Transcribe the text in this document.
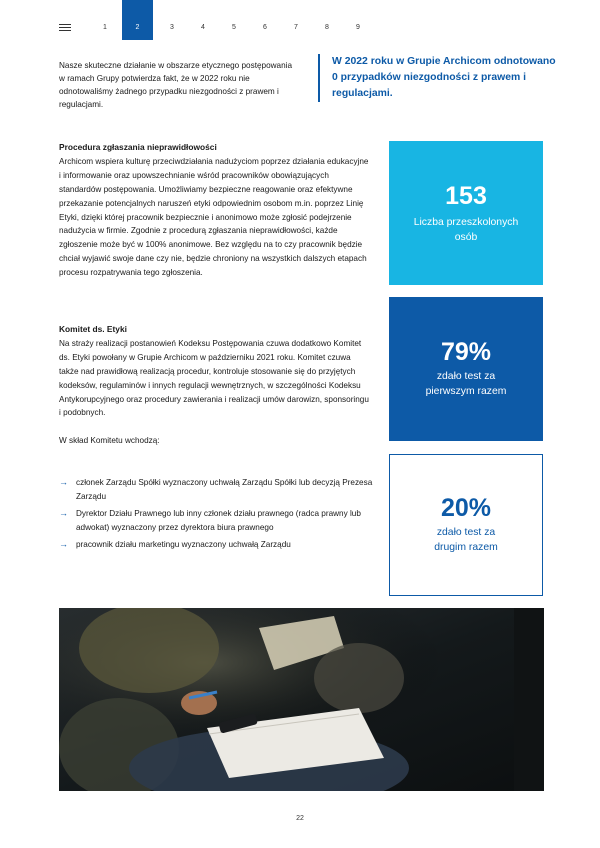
1	2	3	4	5	6	7	8	9
Nasze skuteczne działanie w obszarze etycznego postępowania w ramach Grupy potwierdza fakt, że w 2022 roku nie odnotowaliśmy żadnego przypadku niezgodności z prawem i regulacjami.

W 2022 roku w Grupie Archicom odnotowano 0 przypadków niezgodności z prawem i regulacjami.

Procedura zgłaszania nieprawidłowości

Archicom wspiera kulturę przeciwdziałania nadużyciom poprzez działania edukacyjne i informowanie oraz upowszechnianie wśród pracowników obowiązujących standardów postępowania. Umożliwiamy bezpieczne reagowanie oraz efektywne przekazanie potencjalnych naruszeń etyki odpowiednim osobom m.in. poprzez Linię Etyki, dzięki której pracownik bezpiecznie i anonimowo może zgłosić podejrzenie nadużycia w firmie. Zgodnie z procedurą zgłaszania nieprawidłowości, każde zgłoszenie może być w 100% anonimowe. Bez względu na to czy pracownik będzie chciał wyjawić swoje dane czy nie, będzie chroniony na wszystkich dalszych etapach procesu rozpatrywania tego zgłoszenia.

Komitet ds. Etyki

Na straży realizacji postanowień Kodeksu Postępowania czuwa dodatkowo Komitet ds. Etyki powołany w Grupie Archicom w październiku 2021 roku. Komitet czuwa także nad prawidłową realizacją procedur, kontroluje stosowanie się do przyjętych kodeksów, regulaminów i innych regulacji wewnętrznych, w szczególności Kodeksu Antykorupcyjnego oraz procedury zawierania i realizacji umów darowizn, sponsoringu i podobnych.

W skład Komitetu wchodzą:

→ członek Zarządu Spółki wyznaczony uchwałą Zarządu Spółki lub decyzją Prezesa Zarządu
→ Dyrektor Działu Prawnego lub inny członek działu prawnego (radca prawny lub adwokat) wyznaczony przez dyrektora biura prawnego
→ pracownik działu marketingu wyznaczony uchwałą Zarządu
153
Liczba przeszkolonych osób
79%
zdało test za pierwszym razem
20%
zdało test za drugim razem
22
